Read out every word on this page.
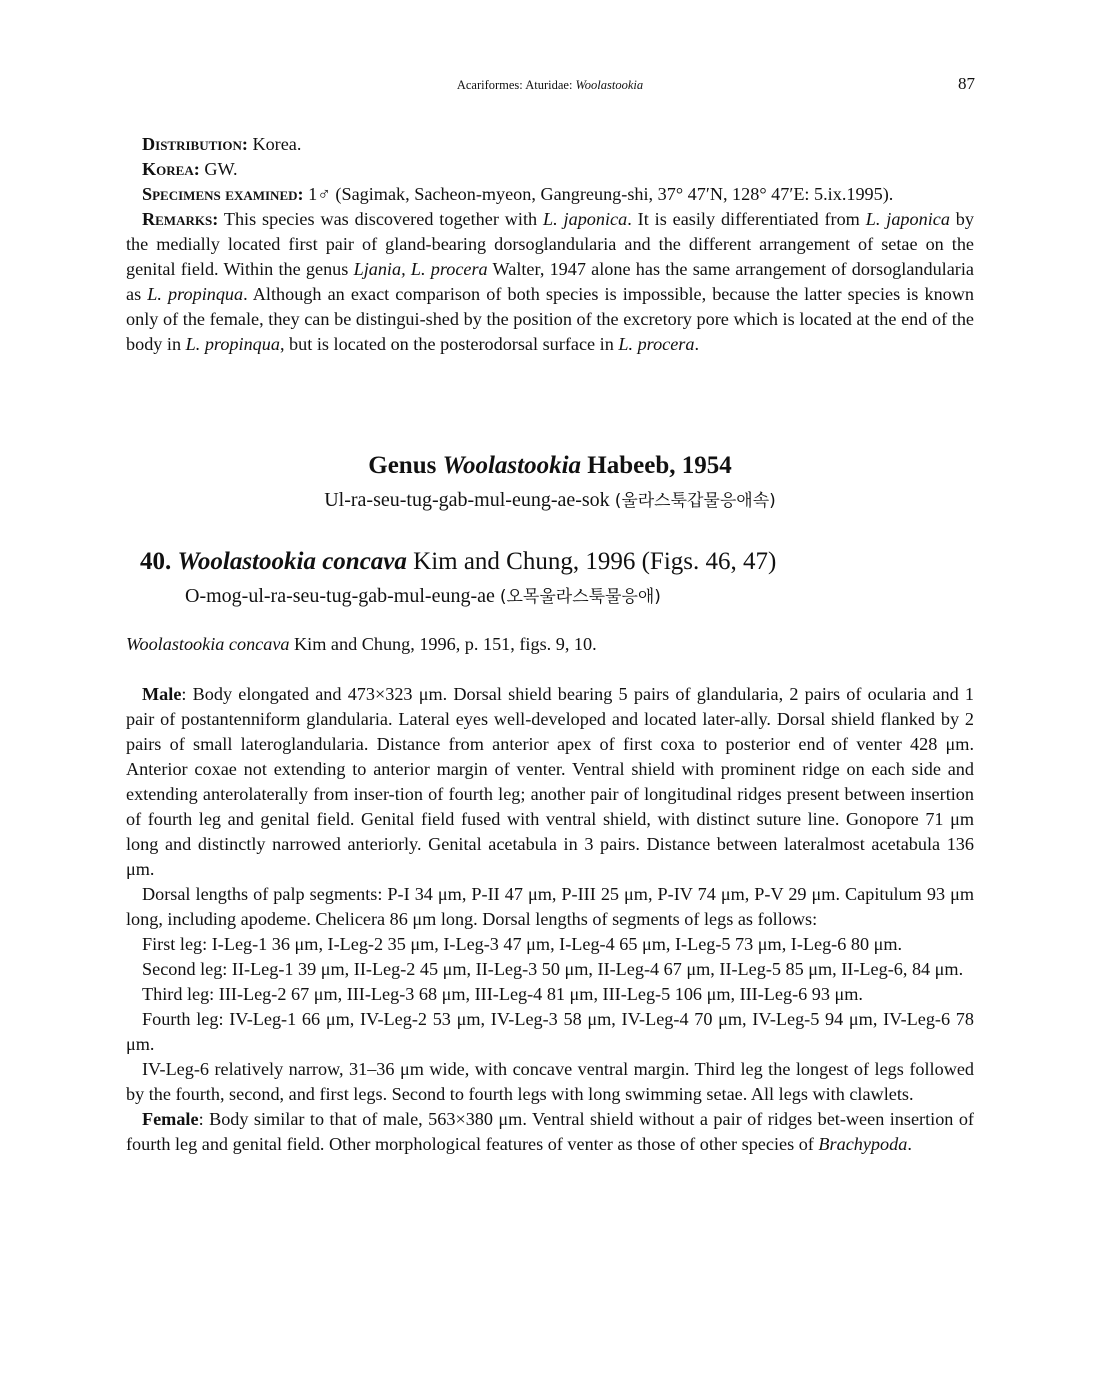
Acariformes: Aturidae: Woolastookia	87
Distribution: Korea.
Korea: GW.
Specimens examined: 1♂ (Sagimak, Sacheon-myeon, Gangreung-shi, 37° 47′N, 128° 47′E: 5.ix.1995).
Remarks: This species was discovered together with L. japonica. It is easily differentiated from L. japonica by the medially located first pair of gland-bearing dorsoglandularia and the different arrangement of setae on the genital field. Within the genus Ljania, L. procera Walter, 1947 alone has the same arrangement of dorsoglandularia as L. propinqua. Although an exact comparison of both species is impossible, because the latter species is known only of the female, they can be distingui-shed by the position of the excretory pore which is located at the end of the body in L. propinqua, but is located on the posterodorsal surface in L. procera.
Genus Woolastookia Habeeb, 1954
Ul-ra-seu-tug-gab-mul-eung-ae-sok (울라스툭갑물응애속)
40. Woolastookia concava Kim and Chung, 1996 (Figs. 46, 47)
O-mog-ul-ra-seu-tug-gab-mul-eung-ae (오목울라스툭물응애)
Woolastookia concava Kim and Chung, 1996, p. 151, figs. 9, 10.
Male: Body elongated and 473×323 μm. Dorsal shield bearing 5 pairs of glandularia, 2 pairs of ocularia and 1 pair of postantenniform glandularia. Lateral eyes well-developed and located later-ally. Dorsal shield flanked by 2 pairs of small lateroglandularia. Distance from anterior apex of first coxa to posterior end of venter 428 μm. Anterior coxae not extending to anterior margin of venter. Ventral shield with prominent ridge on each side and extending anterolaterally from inser-tion of fourth leg; another pair of longitudinal ridges present between insertion of fourth leg and genital field. Genital field fused with ventral shield, with distinct suture line. Gonopore 71 μm long and distinctly narrowed anteriorly. Genital acetabula in 3 pairs. Distance between lateralmost acetabula 136 μm.
Dorsal lengths of palp segments: P-I 34 μm, P-II 47 μm, P-III 25 μm, P-IV 74 μm, P-V 29 μm. Capitulum 93 μm long, including apodeme. Chelicera 86 μm long. Dorsal lengths of segments of legs as follows:
First leg: I-Leg-1 36 μm, I-Leg-2 35 μm, I-Leg-3 47 μm, I-Leg-4 65 μm, I-Leg-5 73 μm, I-Leg-6 80 μm.
Second leg: II-Leg-1 39 μm, II-Leg-2 45 μm, II-Leg-3 50 μm, II-Leg-4 67 μm, II-Leg-5 85 μm, II-Leg-6, 84 μm.
Third leg: III-Leg-2 67 μm, III-Leg-3 68 μm, III-Leg-4 81 μm, III-Leg-5 106 μm, III-Leg-6 93 μm.
Fourth leg: IV-Leg-1 66 μm, IV-Leg-2 53 μm, IV-Leg-3 58 μm, IV-Leg-4 70 μm, IV-Leg-5 94 μm, IV-Leg-6 78 μm.
IV-Leg-6 relatively narrow, 31–36 μm wide, with concave ventral margin. Third leg the longest of legs followed by the fourth, second, and first legs. Second to fourth legs with long swimming setae. All legs with clawlets.
Female: Body similar to that of male, 563×380 μm. Ventral shield without a pair of ridges bet-ween insertion of fourth leg and genital field. Other morphological features of venter as those of other species of Brachypoda.
